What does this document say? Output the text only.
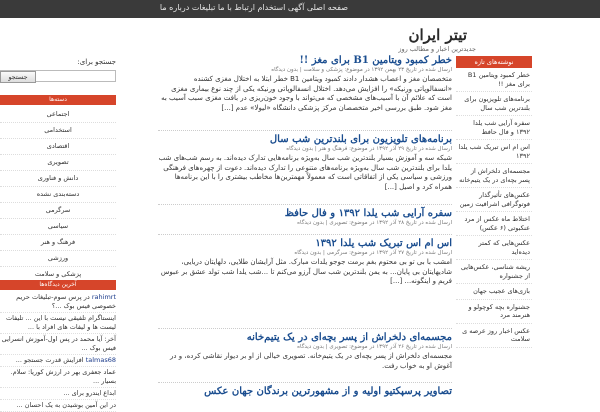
صفحه اصلی آگهی استخدام ارتباط با ما تبلیغات درباره ما
تیتر ایران
جدیدترین اخبار و مطالب روز
جستجو برای:
جستجو
دسته‌ها
اجتماعی
استخدامی
اقتصادی
تصویری
دانش و فناوری
دسته‌بندی نشده
سرگرمی
سیاسی
فرهنگ و هنر
ورزشی
پزشکی و سلامت
آخرین دیدگاه‌ها
rahimrt در پرس سوم-تبلیغات حریم خصوصی فیس بوک ...؟
اینستاگرام تلفیقی نیست با این ... تلیفات لیست ها و لیفات های افراد با ...
آخر: آیا محمد در پس اول-آموزش انسرایی فیس بوک ...
talmas68 افزایش قدرت جستجو ...
عماد جعفری بهر در ارزش کوریا: سلام. بسیار ...
ابداع ایندرو برای ...
در این آمین بوشیدن به یک احسان ...
خطر کمبود ویتامین B1 برای مغز !!
ارسال شده در تاریخ ۲۳ بهمن ۱۳۹۲ در موضوع: پزشکی و سلامت | بدون دیدگاه
متخصصان مغز و اعصاب هشدار دادند کمبود ویتامین B1 خطر ابتلا به اختلال مغزی کشنده «انسفالوپاتی ورنیکه» را افزایش می‌دهد. اختلال انسفالوپاتی ورنیکه یکی از چند نوع بیماری مغزی است که علائم آن با آسیب‌های مشخصی که می‌تواند با وجود خون‌ریزی در بافت مغزی سبب آسیب به مغز شود. طبق بررسی اخیر متخصصان مرکز پزشکی دانشگاه «لیولا» عدم [...]
برنامه‌های تلویزیون برای بلندترین شب سال
ارسال شده در تاریخ ۲۹ آذر ۱۳۹۲ در موضوع: فرهنگ و هنر | بدون دیدگاه
شبکه سه و آموزش بسیار بلندترین شب سال به‌ویژه برنامه‌هایی تدارک دیده‌اند. به رسم شب‌های شب یلدا برای بلندترین شب سال به‌ویژه برنامه‌های متنوعی را تدارک دیده‌اند. دعوت از چهره‌های فرهنگی ورزشی و سیاسی یکی از اتفاقاتی است که معمولاً مهمترین‌ها مخاطب بیشتری را با این برنامه‌ها همراه کرد و اصیل [...]
سفره آرایی شب یلدا ۱۳۹۲ و فال حافظ
ارسال شده در تاریخ ۲۸ آذر ۱۳۹۲ در موضوع: تصویری | بدون دیدگاه
اس ام اس تبریک شب یلدا ۱۳۹۲
ارسال شده در تاریخ ۲۷ آذر ۱۳۹۲ در موضوع: سرگرمی | بدون دیدگاه
امشب با بی تو بی محتوم بغم برمت جوجو یلدات مبارک. مثل آرایشان طلایی، دلهایتان دریایی، شادیهایتان بی پایان... به یمن بلندترین شب سال آرزو می‌کنم تا ...شب یلدا شب تولد عشق بر عبوس فریم و اینگونه... [...]
مجسمه‌ای دلخراش از پسر بچه‌ای در یک یتیم‌خانه
ارسال شده در تاریخ ۲۶ آذر ۱۳۹۲ در موضوع: تصویری | بدون دیدگاه
مجسمه‌ای دلخراش از پسر بچه‌ای در یک یتیم‌خانه. تصویری خیالی از او بر دیوار نقاشی کرده، و در آغوش او به خواب رفت.
تصاویر پرسپکتیو اولیه و از مشهورترین برندگان جهان عکس
نوشته‌های تازه
خطر کمبود ویتامین B1 برای مغز !!
برنامه‌های تلویزیون برای بلندترین شب سال
سفره آرایی شب یلدا ۱۳۹۲ و فال حافظ
اس ام اس تبریک شب یلدا ۱۳۹۲
مجسمه‌ای دلخراش از پسر بچه‌ای در یک یتیم‌خانه
عکس‌های تأثیرگذار فوتوگرافی اشرافیت زمین
اختلاط ماه عکس از مرد عنکبوتی (۶ عکس)
عکس‌هایی که کمتر دیده‌اید
ریشه شناسی، عکس‌هایی از جشنواره
بازی‌های عجیب جهان
جشنواره بچه کوچولو و هنرمند مرد
عکس اخبار روز عرصه ی سلامت
